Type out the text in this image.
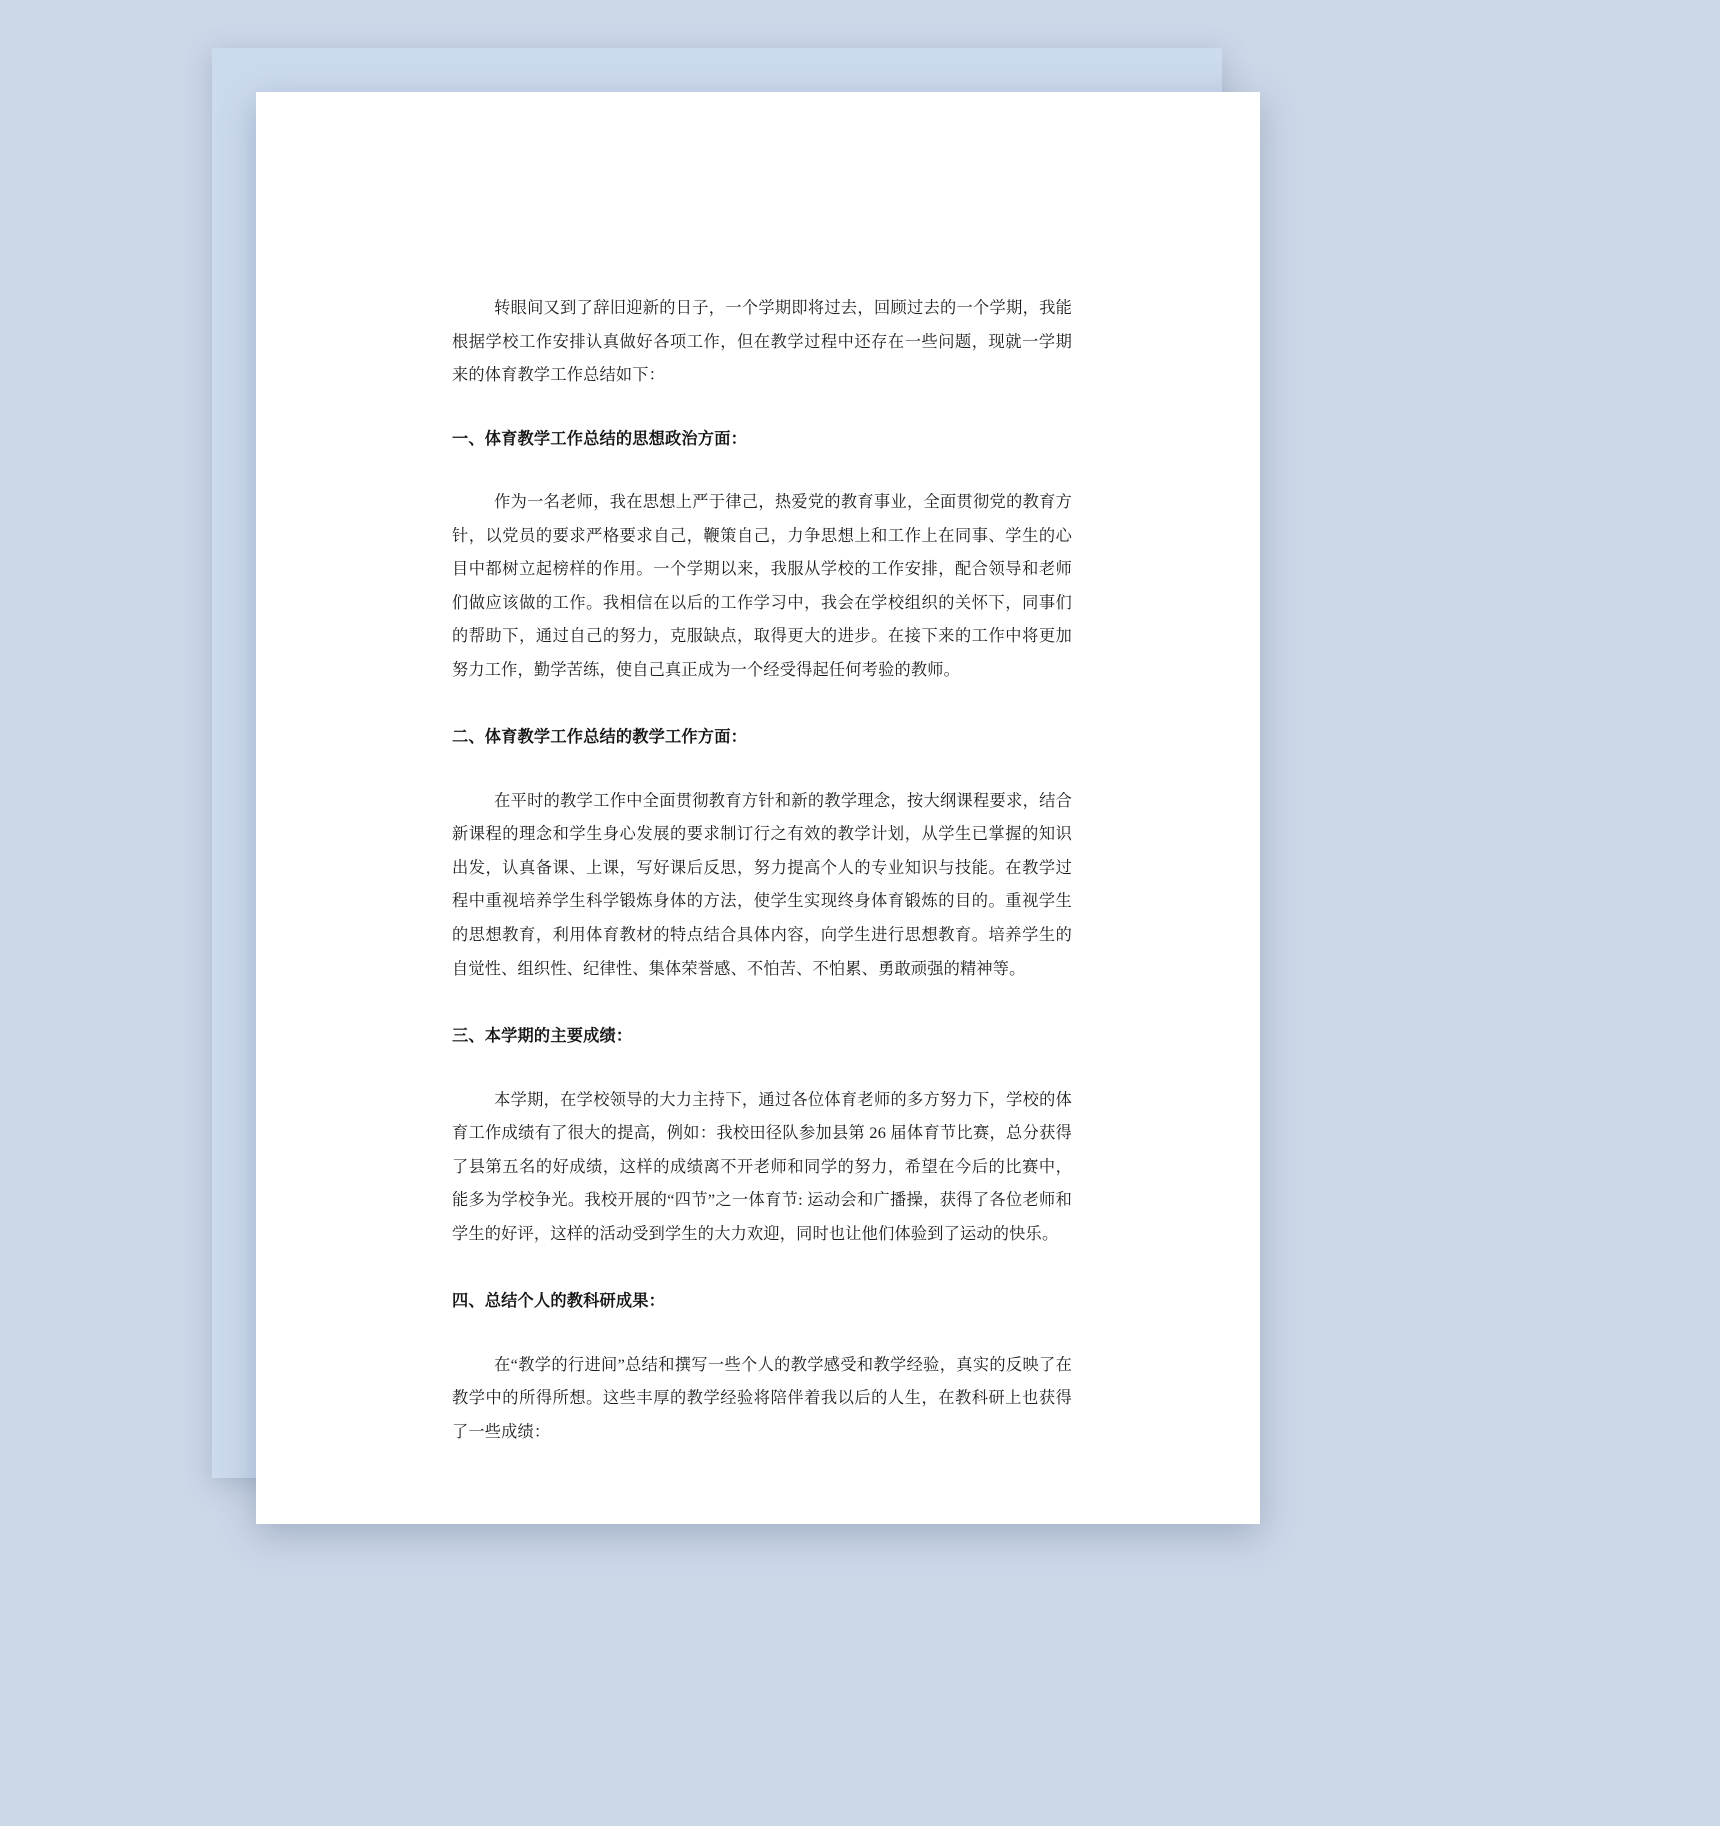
转眼间又到了辞旧迎新的日子，一个学期即将过去，回顾过去的一个学期，我能根据学校工作安排认真做好各项工作，但在教学过程中还存在一些问题，现就一学期来的体育教学工作总结如下：

一、体育教学工作总结的思想政治方面：

作为一名老师，我在思想上严于律己，热爱党的教育事业，全面贯彻党的教育方针，以党员的要求严格要求自己，鞭策自己，力争思想上和工作上在同事、学生的心目中都树立起榜样的作用。一个学期以来，我服从学校的工作安排，配合领导和老师们做应该做的工作。我相信在以后的工作学习中，我会在学校组织的关怀下，同事们的帮助下，通过自己的努力，克服缺点，取得更大的进步。在接下来的工作中将更加努力工作，勤学苦练，使自己真正成为一个经受得起任何考验的教师。

二、体育教学工作总结的教学工作方面：

在平时的教学工作中全面贯彻教育方针和新的教学理念，按大纲课程要求，结合新课程的理念和学生身心发展的要求制订行之有效的教学计划，从学生已掌握的知识出发，认真备课、上课，写好课后反思，努力提高个人的专业知识与技能。在教学过程中重视培养学生科学锻炼身体的方法，使学生实现终身体育锻炼的目的。重视学生的思想教育，利用体育教材的特点结合具体内容，向学生进行思想教育。培养学生的自觉性、组织性、纪律性、集体荣誉感、不怕苦、不怕累、勇敢顽强的精神等。

三、本学期的主要成绩：

本学期，在学校领导的大力主持下，通过各位体育老师的多方努力下，学校的体育工作成绩有了很大的提高，例如：我校田径队参加县第 26 届体育节比赛，总分获得了县第五名的好成绩，这样的成绩离不开老师和同学的努力，希望在今后的比赛中，能多为学校争光。我校开展的“四节”之一体育节: 运动会和广播操，获得了各位老师和学生的好评，这样的活动受到学生的大力欢迎，同时也让他们体验到了运动的快乐。

四、总结个人的教科研成果：

在“教学的行进间”总结和撰写一些个人的教学感受和教学经验，真实的反映了在教学中的所得所想。这些丰厚的教学经验将陪伴着我以后的人生，在教科研上也获得了一些成绩：
